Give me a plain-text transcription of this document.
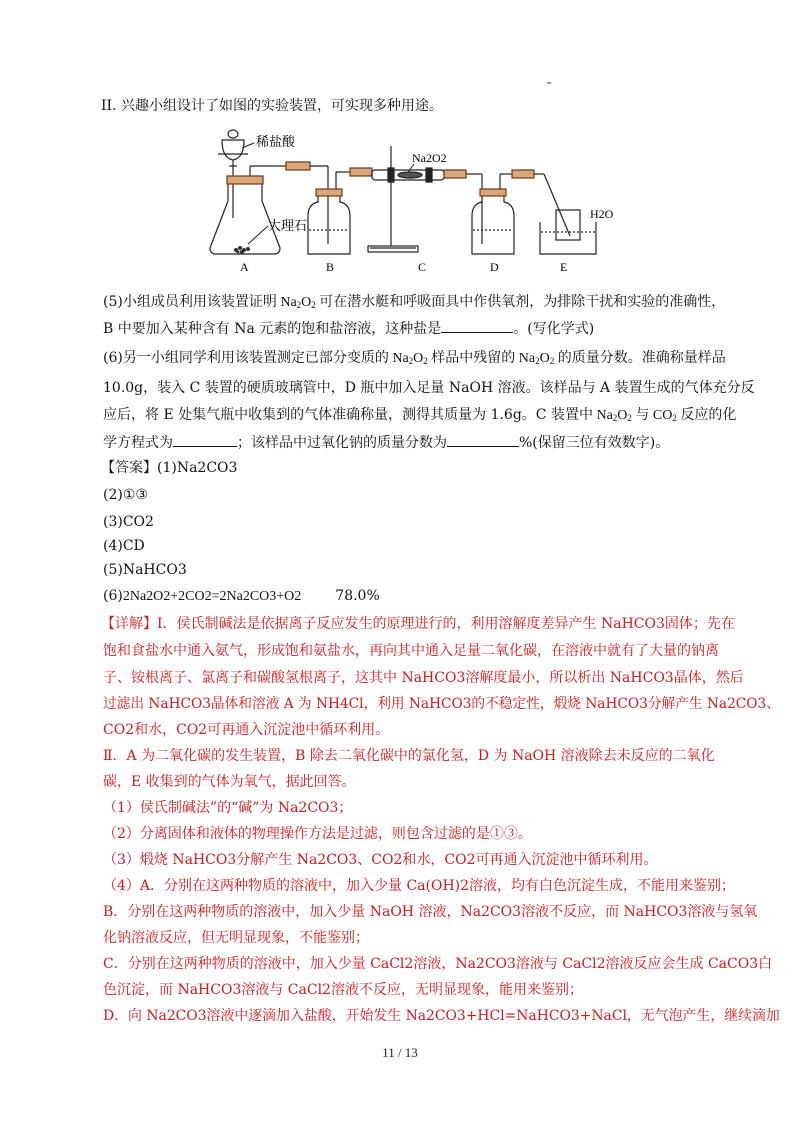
II. 兴趣小组设计了如图的实验装置，可实现多种用途。
稀盐酸
大理石
Na2O2
H2O
A	B	C	D	E
(5)小组成员利用该装置证明 $Na_2O_2$ 可在潜水艇和呼吸面具中作供氧剂，为排除干扰和实验的准确性，
B 中要加入某种含有 Na 元素的饱和盐溶液，这种盐是	。(写化学式)
(6)另一小组同学利用该装置测定已部分变质的 $Na_2O_2$ 样品中残留的 $Na_2O_2$ 的质量分数。准确称量样品
10.0g，装入 C 装置的硬质玻璃管中，D 瓶中加入足量 NaOH 溶液。该样品与 A 装置生成的气体充分反
应后，将 E 处集气瓶中收集到的气体准确称量，测得其质量为 1.6g。C 装置中 $Na_2O_2$ 与 $CO_2$ 反应的化
学方程式为	；该样品中过氧化钠的质量分数为	%(保留三位有效数字)。
【答案】(1)Na2CO3
(2)①③
(3)CO2
(4)CD
(5)NaHCO3
(6)2Na2O2+2CO2=2Na2CO3+O2 78.0%
【详解】I．侯氏制碱法是依据离子反应发生的原理进行的，利用溶解度差异产生 NaHCO3固体；先在
饱和食盐水中通入氨气，形成饱和氨盐水，再向其中通入足量二氧化碳，在溶液中就有了大量的钠离
子、铵根离子、氯离子和碳酸氢根离子，这其中 NaHCO3溶解度最小，所以析出 NaHCO3晶体，然后
过滤出 NaHCO3晶体和溶液 A 为 NH4Cl，利用 NaHCO3的不稳定性，煅烧 NaHCO3分解产生 Na2CO3、
CO2和水，CO2可再通入沉淀池中循环利用。
Ⅱ．A 为二氧化碳的发生装置，B 除去二氧化碳中的氯化氢，D 为 NaOH 溶液除去未反应的二氧化
碳，E 收集到的气体为氧气，据此回答。
（1）侯氏制碱法”的“碱”为 Na2CO3；
（2）分离固体和液体的物理操作方法是过滤，则包含过滤的是①③。
（3）煅烧 NaHCO3分解产生 Na2CO3、CO2和水，CO2可再通入沉淀池中循环利用。
（4）A．分别在这两种物质的溶液中，加入少量 Ca(OH)2溶液，均有白色沉淀生成，不能用来鉴别；
B．分别在这两种物质的溶液中，加入少量 NaOH 溶液，Na2CO3溶液不反应，而 NaHCO3溶液与氢氧
化钠溶液反应，但无明显现象，不能鉴别；
C．分别在这两种物质的溶液中，加入少量 CaCl2溶液，Na2CO3溶液与 CaCl2溶液反应会生成 CaCO3白
色沉淀，而 NaHCO3溶液与 CaCl2溶液不反应，无明显现象，能用来鉴别；
D．向 Na2CO3溶液中逐滴加入盐酸，开始发生 Na2CO3+HCl=NaHCO3+NaCl，无气泡产生，继续滴加
11 / 13
